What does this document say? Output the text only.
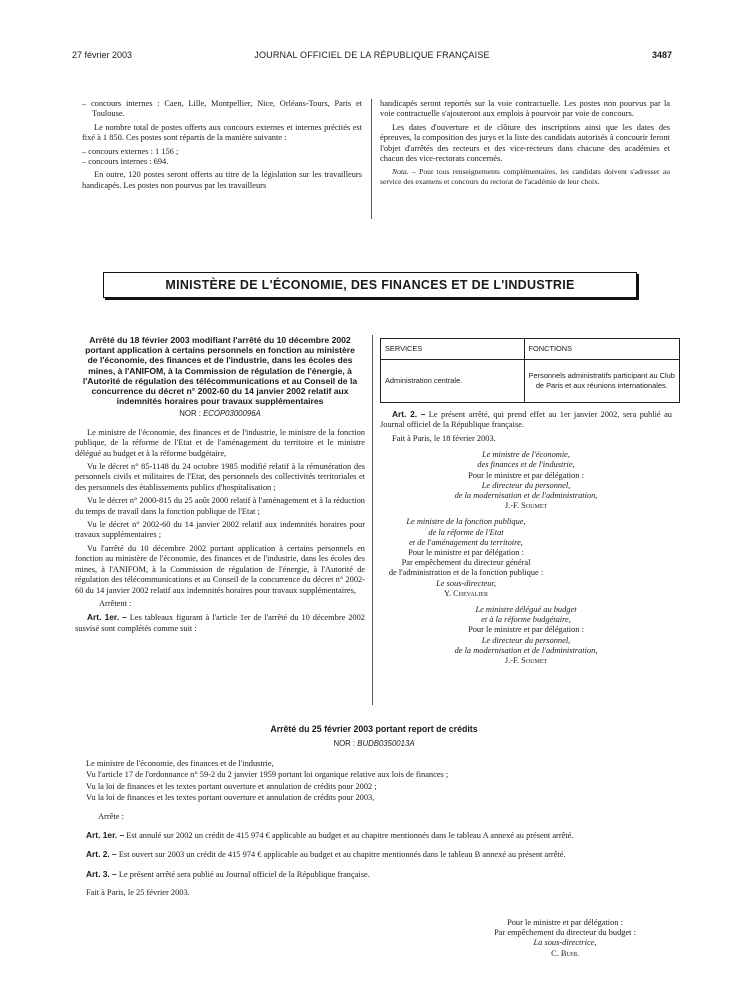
27 février 2003	JOURNAL OFFICIEL DE LA RÉPUBLIQUE FRANÇAISE	3487

– concours internes : Caen, Lille, Montpellier, Nice, Orléans-Tours, Paris et Toulouse.

Le nombre total de postes offerts aux concours externes et internes précités est fixé à 1 850. Ces postes sont répartis de la manière suivante :

– concours externes : 1 156 ;

– concours internes : 694.

En outre, 120 postes seront offerts au titre de la législation sur les travailleurs handicapés. Les postes non pourvus par les travailleurs

handicapés seront reportés sur la voie contractuelle. Les postes non pourvus par la voie contractuelle s'ajouteront aux emplois à pourvoir par voie de concours.

Les dates d'ouverture et de clôture des inscriptions ainsi que les dates des épreuves, la composition des jurys et la liste des candidats autorisés à concourir feront l'objet d'arrêtés des recteurs et des vice-recteurs dans chacune des académies et chacun des vice-rectorats concernés.

Nota. – Pour tous renseignements complémentaires, les candidats doivent s'adresser au service des examens et concours du rectorat de l'académie de leur choix.

MINISTÈRE DE L'ÉCONOMIE, DES FINANCES ET DE L'INDUSTRIE
Arrêté du 18 février 2003 modifiant l'arrêté du 10 décembre 2002 portant application à certains personnels en fonction au ministère de l'économie, des finances et de l'industrie, dans les écoles des mines, à l'ANIFOM, à la Commission de régulation de l'énergie, à l'Autorité de régulation des télécommunications et au Conseil de la concurrence du décret n° 2002-60 du 14 janvier 2002 relatif aux indemnités horaires pour travaux supplémentaires
NOR : ECOP0300096A

Le ministre de l'économie, des finances et de l'industrie, le ministre de la fonction publique, de la réforme de l'Etat et de l'aménagement du territoire et le ministre délégué au budget et à la réforme budgétaire,

Vu le décret n° 85-1148 du 24 octobre 1985 modifié relatif à la rémunération des personnels civils et militaires de l'Etat, des personnels des collectivités territoriales et des personnels des établissements publics d'hospitalisation ;

Vu le décret n° 2000-815 du 25 août 2000 relatif à l'aménagement et à la réduction du temps de travail dans la fonction publique de l'Etat ;

Vu le décret n° 2002-60 du 14 janvier 2002 relatif aux indemnités horaires pour travaux supplémentaires ;

Vu l'arrêté du 10 décembre 2002 portant application à certains personnels en fonction au ministère de l'économie, des finances et de l'industrie, dans les écoles des mines, à l'ANIFOM, à la Commission de régulation de l'énergie, à l'Autorité de régulation des télécommunications et au Conseil de la concurrence du décret n° 2002-60 du 14 janvier 2002 relatif aux indemnités horaires pour travaux supplémentaires,

Arrêtent :

Art. 1er. – Les tableaux figurant à l'article 1er de l'arrêté du 10 décembre 2002 susvisé sont complétés comme suit :

SERVICES	FONCTIONS
Administration centrale.	Personnels administratifs participant au Club de Paris et aux réunions internationales.

Art. 2. – Le présent arrêté, qui prend effet au 1er janvier 2002, sera publié au Journal officiel de la République française.

Fait à Paris, le 18 février 2003.

Le ministre de l'économie,
des finances et de l'industrie,
Pour le ministre et par délégation :
Le directeur du personnel,
de la modernisation et de l'administration,
J.-F. Soumet
Le ministre de la fonction publique,
de la réforme de l'Etat
et de l'aménagement du territoire,
Pour le ministre et par délégation :
Par empêchement du directeur général
de l'administration et de la fonction publique :
Le sous-directeur,
Y. Chevalier
Le ministre délégué au budget
et à la réforme budgétaire,
Pour le ministre et par délégation :
Le directeur du personnel,
de la modernisation et de l'administration,
J.-F. Soumet
Arrêté du 25 février 2003 portant report de crédits
NOR : BUDB0350013A

Le ministre de l'économie, des finances et de l'industrie,

Vu l'article 17 de l'ordonnance n° 59-2 du 2 janvier 1959 portant loi organique relative aux lois de finances ;

Vu la loi de finances et les textes portant ouverture et annulation de crédits pour 2002 ;

Vu la loi de finances et les textes portant ouverture et annulation de crédits pour 2003,

Arrête :

Art. 1er. – Est annulé sur 2002 un crédit de 415 974 € applicable au budget et au chapitre mentionnés dans le tableau A annexé au présent arrêté.

Art. 2. – Est ouvert sur 2003 un crédit de 415 974 € applicable au budget et au chapitre mentionnés dans le tableau B annexé au présent arrêté.

Art. 3. – Le présent arrêté sera publié au Journal officiel de la République française.

Fait à Paris, le 25 février 2003.

Pour le ministre et par délégation :
Par empêchement du directeur du budget :
La sous-directrice,
C. Buhl
